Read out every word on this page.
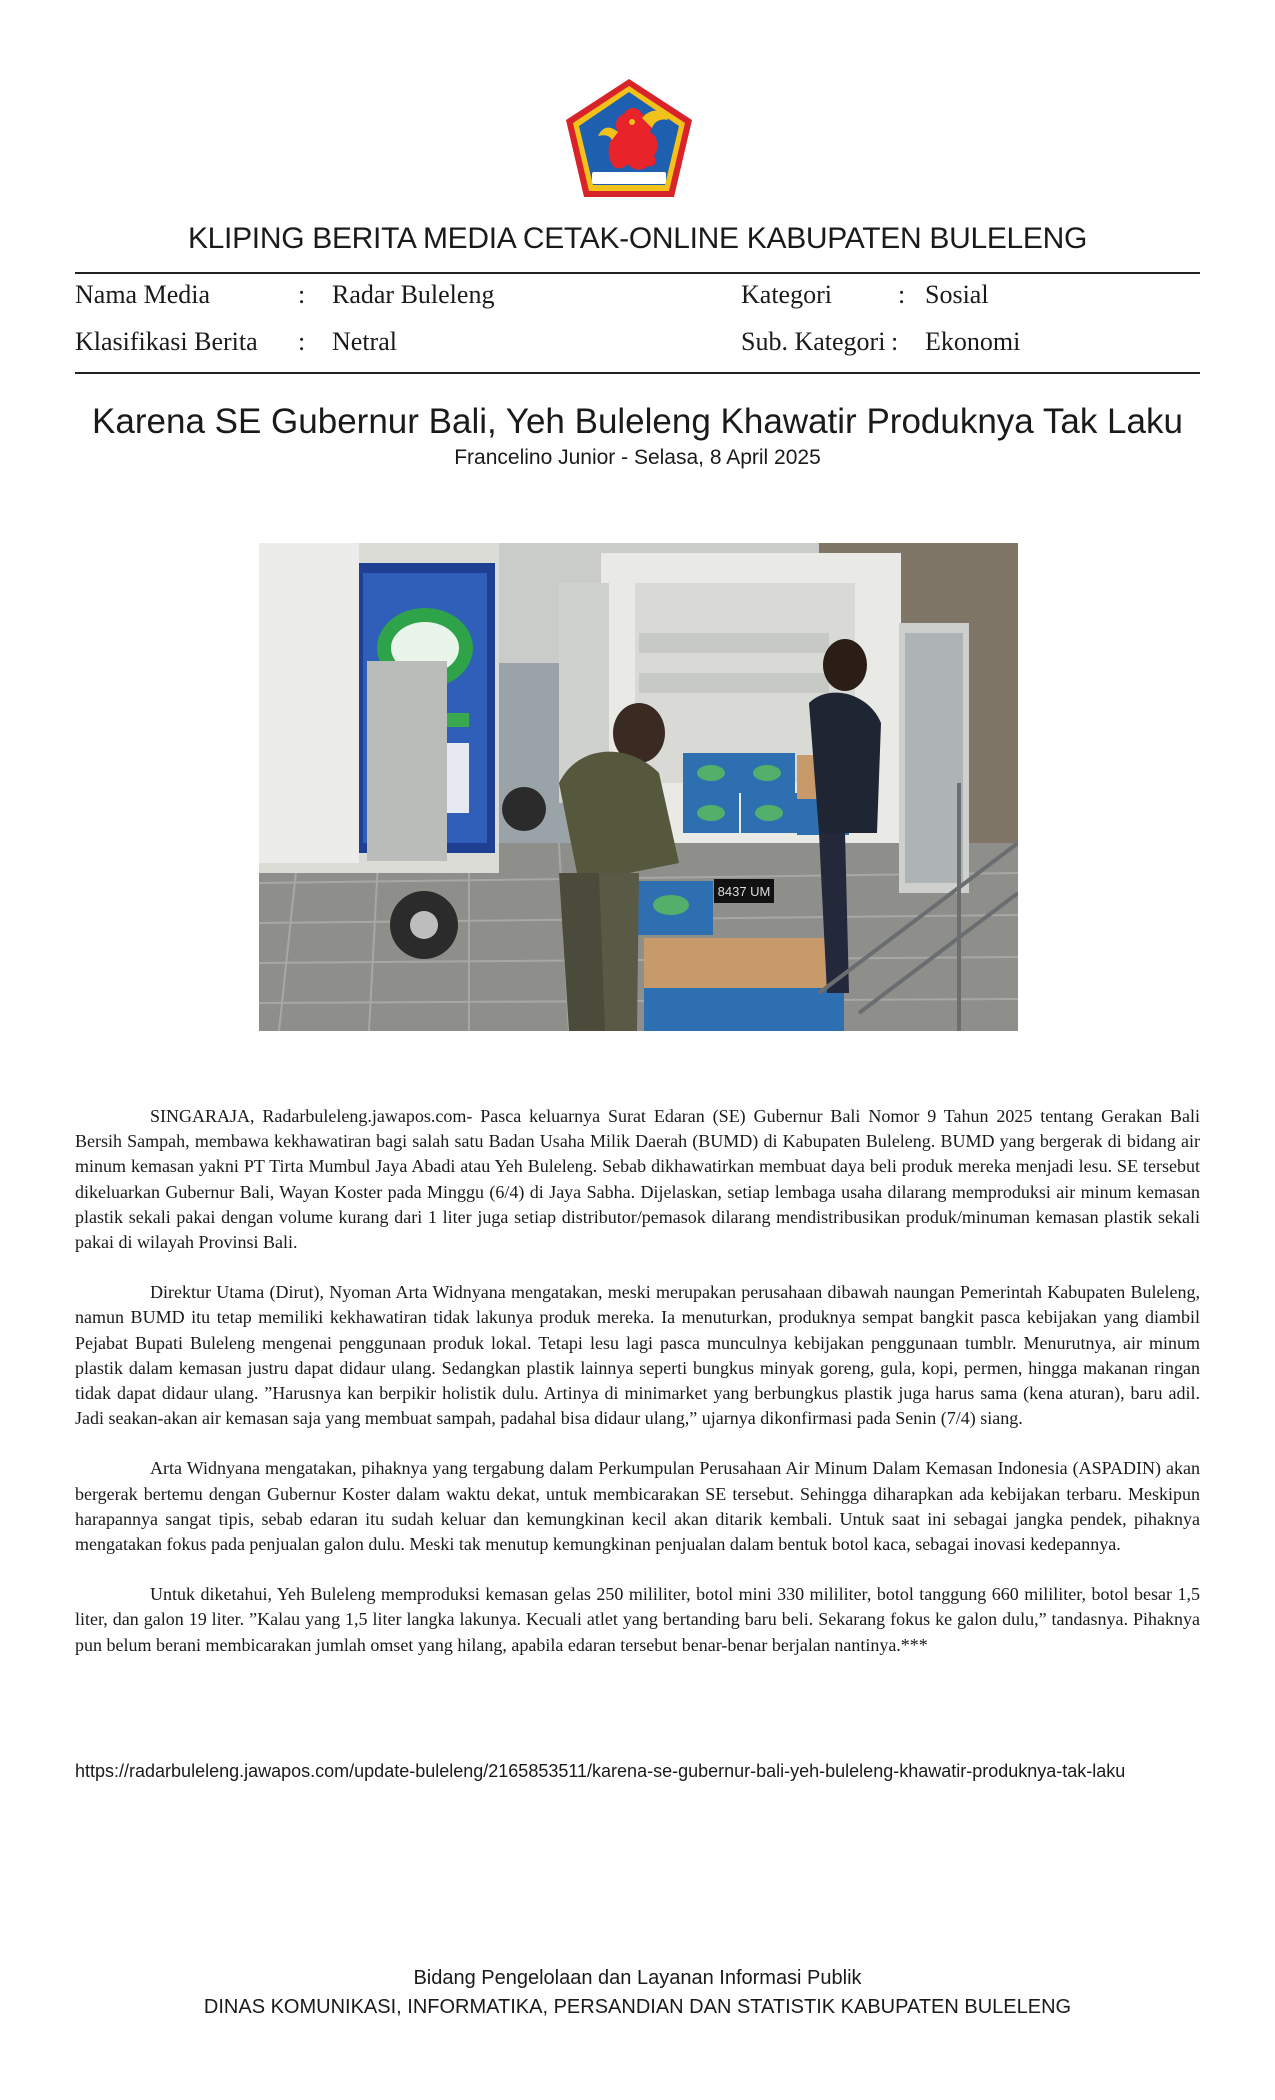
KLIPING BERITA MEDIA CETAK-ONLINE KABUPATEN BULELENG
Nama Media	: Radar Buleleng	Kategori	: Sosial
Klasifikasi Berita : Netral	Sub. Kategori : Ekonomi
Karena SE Gubernur Bali, Yeh Buleleng Khawatir Produknya Tak Laku
Francelino Junior - Selasa, 8 April 2025
8437 UM

SINGARAJA, Radarbuleleng.jawapos.com- Pasca keluarnya Surat Edaran (SE) Gubernur Bali Nomor 9 Tahun 2025 tentang Gerakan Bali Bersih Sampah, membawa kekhawatiran bagi salah satu Badan Usaha Milik Daerah (BUMD) di Kabupaten Buleleng. BUMD yang bergerak di bidang air minum kemasan yakni PT Tirta Mumbul Jaya Abadi atau Yeh Buleleng. Sebab dikhawatirkan membuat daya beli produk mereka menjadi lesu. SE tersebut dikeluarkan Gubernur Bali, Wayan Koster pada Minggu (6/4) di Jaya Sabha. Dijelaskan, setiap lembaga usaha dilarang memproduksi air minum kemasan plastik sekali pakai dengan volume kurang dari 1 liter juga setiap distributor/pemasok dilarang mendistribusikan produk/minuman kemasan plastik sekali pakai di wilayah Provinsi Bali.

Direktur Utama (Dirut), Nyoman Arta Widnyana mengatakan, meski merupakan perusahaan dibawah naungan Pemerintah Kabupaten Buleleng, namun BUMD itu tetap memiliki kekhawatiran tidak lakunya produk mereka. Ia menuturkan, produknya sempat bangkit pasca kebijakan yang diambil Pejabat Bupati Buleleng mengenai penggunaan produk lokal. Tetapi lesu lagi pasca munculnya kebijakan penggunaan tumblr. Menurutnya, air minum plastik dalam kemasan justru dapat didaur ulang. Sedangkan plastik lainnya seperti bungkus minyak goreng, gula, kopi, permen, hingga makanan ringan tidak dapat didaur ulang. ”Harusnya kan berpikir holistik dulu. Artinya di minimarket yang berbungkus plastik juga harus sama (kena aturan), baru adil. Jadi seakan-akan air kemasan saja yang membuat sampah, padahal bisa didaur ulang,” ujarnya dikonfirmasi pada Senin (7/4) siang.

Arta Widnyana mengatakan, pihaknya yang tergabung dalam Perkumpulan Perusahaan Air Minum Dalam Kemasan Indonesia (ASPADIN) akan bergerak bertemu dengan Gubernur Koster dalam waktu dekat, untuk membicarakan SE tersebut. Sehingga diharapkan ada kebijakan terbaru. Meskipun harapannya sangat tipis, sebab edaran itu sudah keluar dan kemungkinan kecil akan ditarik kembali. Untuk saat ini sebagai jangka pendek, pihaknya mengatakan fokus pada penjualan galon dulu. Meski tak menutup kemungkinan penjualan dalam bentuk botol kaca, sebagai inovasi kedepannya.

Untuk diketahui, Yeh Buleleng memproduksi kemasan gelas 250 mililiter, botol mini 330 mililiter, botol tanggung 660 mililiter, botol besar 1,5 liter, dan galon 19 liter. ”Kalau yang 1,5 liter langka lakunya. Kecuali atlet yang bertanding baru beli. Sekarang fokus ke galon dulu,” tandasnya. Pihaknya pun belum berani membicarakan jumlah omset yang hilang, apabila edaran tersebut benar-benar berjalan nantinya.***

https://radarbuleleng.jawapos.com/update-buleleng/2165853511/karena-se-gubernur-bali-yeh-buleleng-khawatir-produknya-tak-laku
Bidang Pengelolaan dan Layanan Informasi Publik
DINAS KOMUNIKASI, INFORMATIKA, PERSANDIAN DAN STATISTIK KABUPATEN BULELENG
